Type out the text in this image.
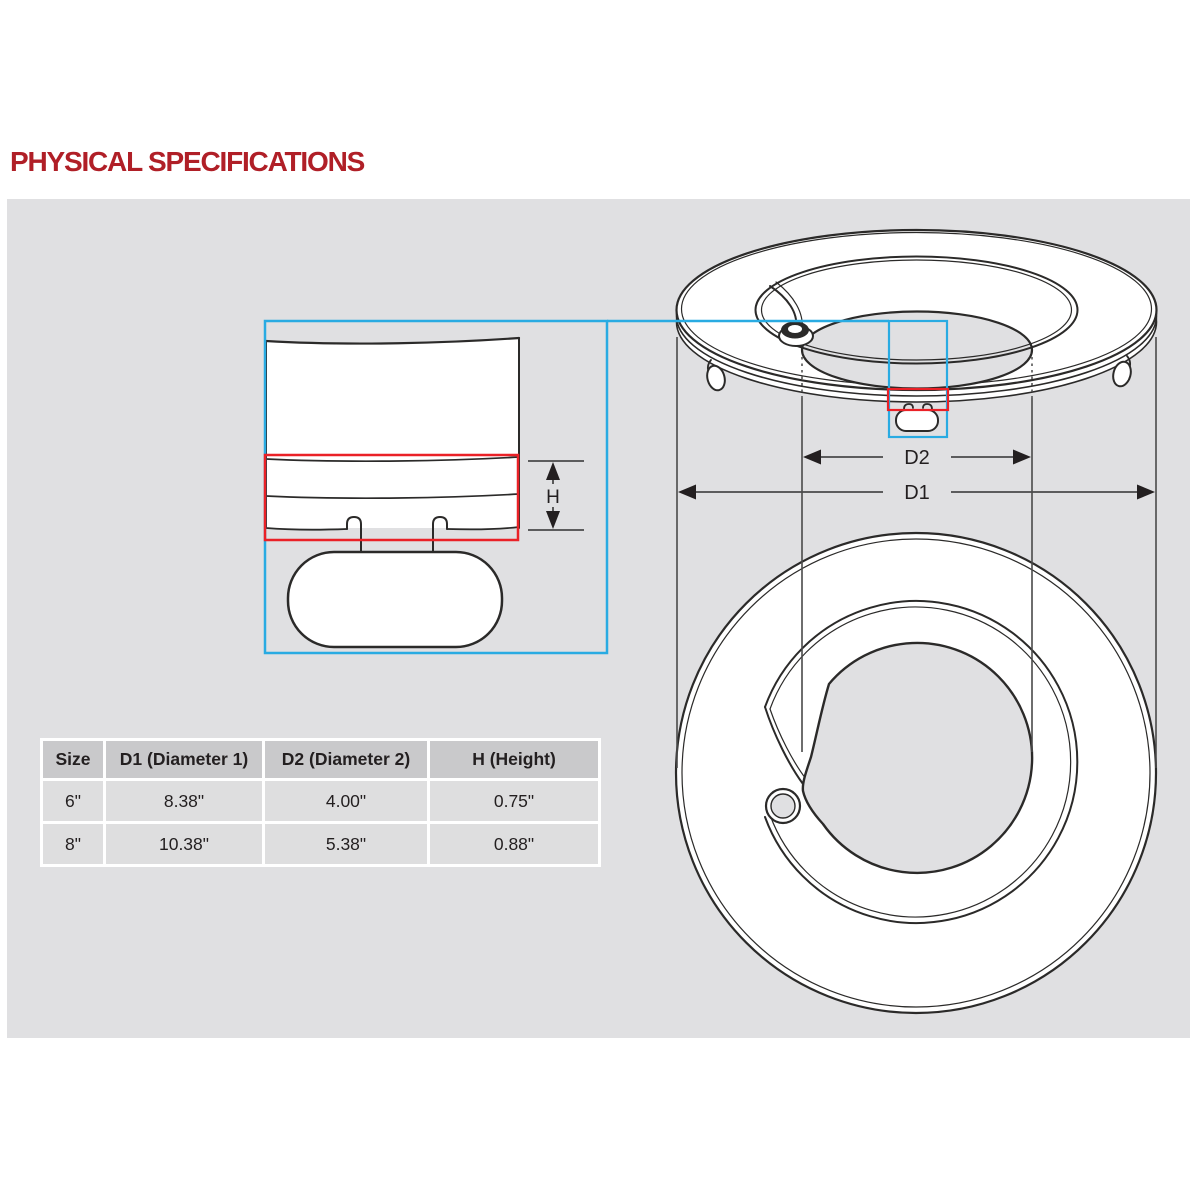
PHYSICAL SPECIFICATIONS
D2
D1
H
Size	D1 (Diameter 1)	D2 (Diameter 2)	H (Height)
6"	8.38"	4.00"	0.75"
8"	10.38"	5.38"	0.88"
